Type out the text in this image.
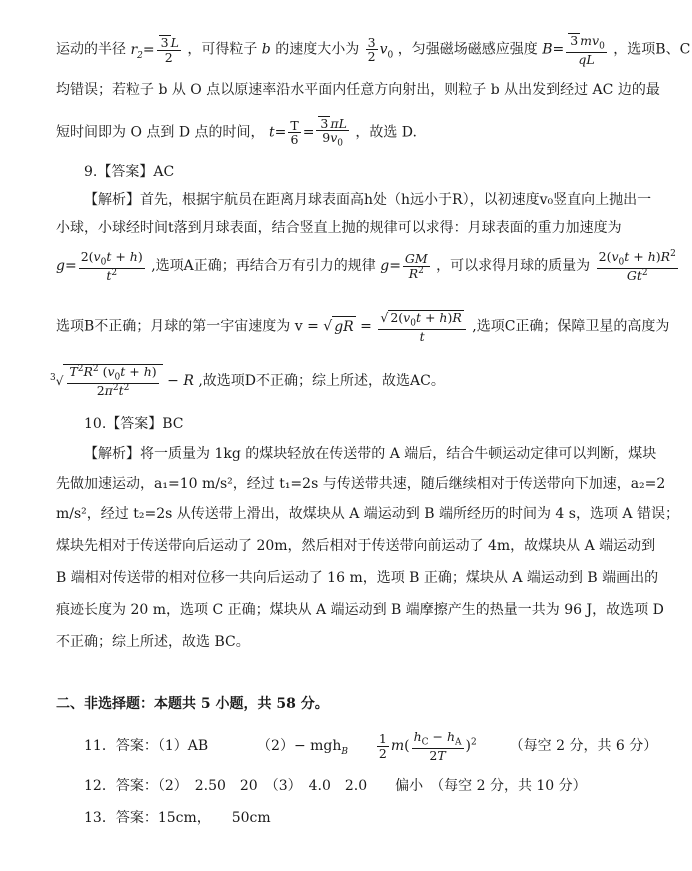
运动的半径 $r_2= \frac{3 L}{2}$ ，可得粒子 b 的速度大小为 $\frac{3}{2} v_0$ ，匀强磁场磁感应强度 $B= \frac{3 mv_0}{qL}$ ，选项B、C
均错误；若粒子 b 从 O 点以原速率沿水平面内任意方向射出，则粒子 b 从出发到经过 AC 边的最
短时间即为 O 点到 D 点的时间， $t= \frac{T}{6} = \frac{3 \pi L}{9v_0}$ ，故选 D.
9.【答案】AC
【解析】首先，根据宇航员在距离月球表面高h处（h远小于R），以初速度v₀竖直向上抛出一
小球，小球经时间t落到月球表面，结合竖直上抛的规律可以求得：月球表面的重力加速度为
$g= \frac{2(v_0t + h)}{t^2}$ ,选项A正确；再结合万有引力的规律 $g= \frac{GM}{R^2}$ ，可以求得月球的质量为 $\frac{2(v_0t + h)R^2}{Gt^2}$
选项B不正确；月球的第一宇宙速度为 v = √ gR = $\frac{√ 2(v_0t + h)R}{t}$ ,选项C正确；保障卫星的高度为
$^3√ \frac{T^2R^2 (v_0t + h)}{2\pi^2t^2} - R$ ,故选项D不正确；综上所述，故选AC。
10.【答案】BC
【解析】将一质量为 1kg 的煤块轻放在传送带的 A 端后，结合牛顿运动定律可以判断，煤块
先做加速运动，a₁=10 m/s²，经过 t₁=2s 与传送带共速，随后继续相对于传送带向下加速，a₂=2
m/s²，经过 t₂=2s 从传送带上滑出，故煤块从 A 端运动到 B 端所经历的时间为 4 s，选项 A 错误；
煤块先相对于传送带向后运动了 20m，然后相对于传送带向前运动了 4m，故煤块从 A 端运动到
B 端相对传送带的相对位移一共向后运动了 16 m，选项 B 正确；煤块从 A 端运动到 B 端画出的
痕迹长度为 20 m，选项 C 正确；煤块从 A 端运动到 B 端摩擦产生的热量一共为 96 J，故选项 D
不正确；综上所述，故选 BC。
二、非选择题：本题共 5 小题，共 58 分。
11．答案：（1）AB	$(2)- mgh_B \frac{1}{2} m( \frac{h_C - h_A}{2T} )^2$ （每空 2 分，共 6 分）
12．答案：（2）　2.50　20　（3）　4.0　2.0　　偏小　（每空 2 分，共 10 分）
13．答案：15cm，　　50cm
